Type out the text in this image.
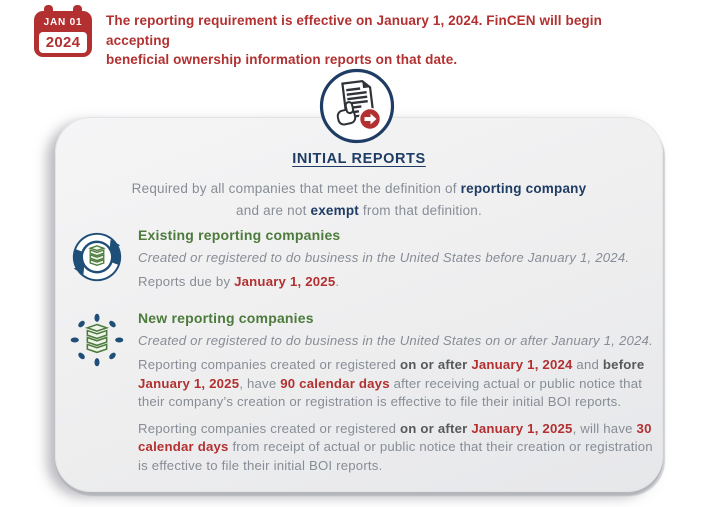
JAN 01
2024
The reporting requirement is effective on January 1, 2024. FinCEN will begin accepting
beneficial ownership information reports on that date.
INITIAL REPORTS

Required by all companies that meet the definition of reporting company
and are not exempt from that definition.

Existing reporting companies

Created or registered to do business in the United States before January 1, 2024.

Reports due by January 1, 2025.

New reporting companies

Created or registered to do business in the United States on or after January 1, 2024.

Reporting companies created or registered on or after January 1, 2024 and before January 1, 2025, have 90 calendar days after receiving actual or public notice that their company’s creation or registration is effective to file their initial BOI reports.

Reporting companies created or registered on or after January 1, 2025, will have 30 calendar days from receipt of actual or public notice that their creation or registration is effective to file their initial BOI reports.
